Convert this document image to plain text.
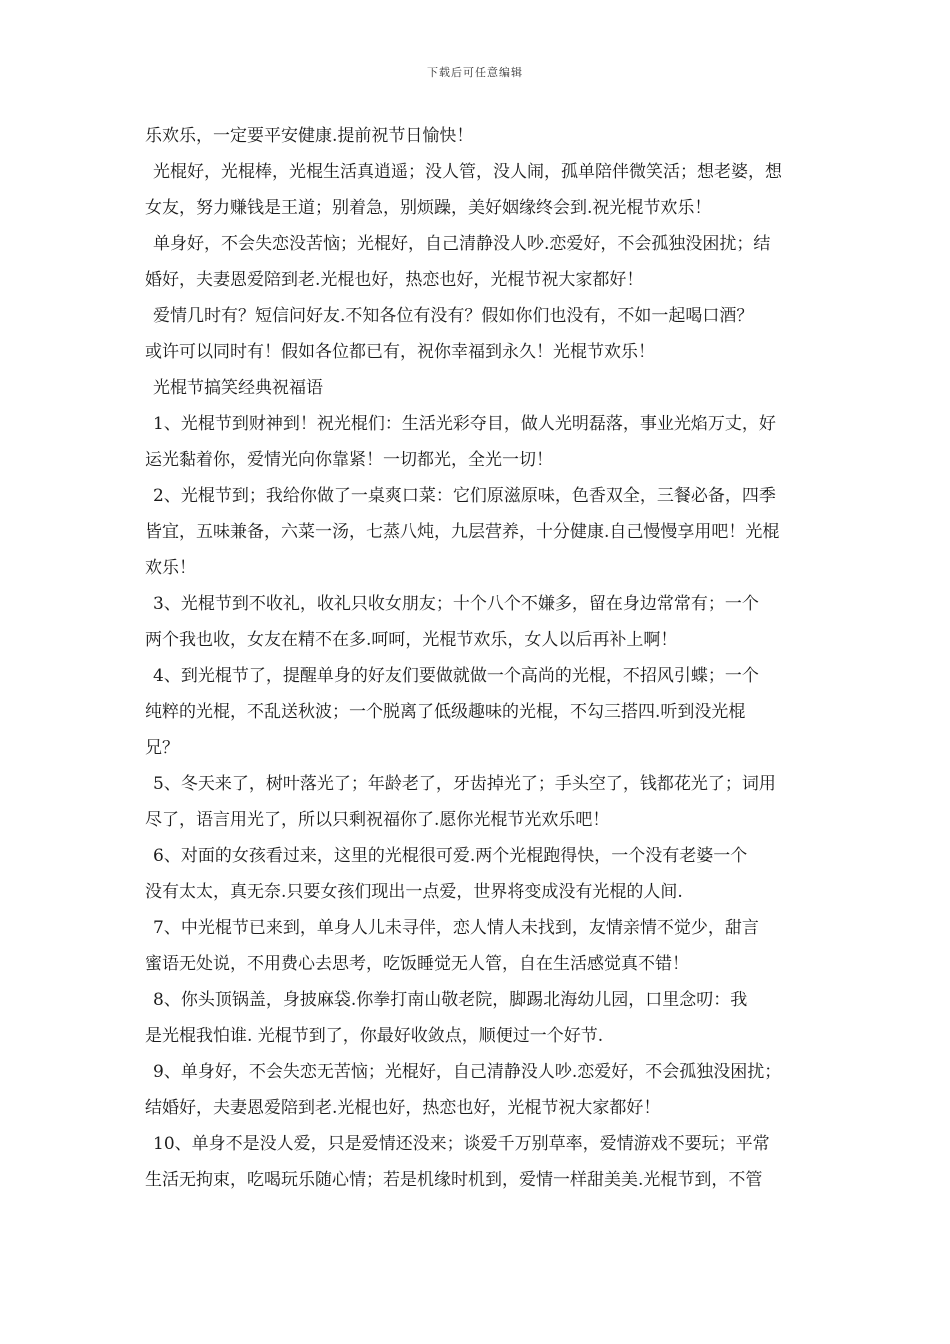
下载后可任意编辑
乐欢乐，一定要平安健康.提前祝节日愉快！
光棍好，光棍棒，光棍生活真逍遥；没人管，没人闹，孤单陪伴微笑活；想老婆，想
女友，努力赚钱是王道；别着急，别烦躁，美好姻缘终会到.祝光棍节欢乐！
单身好，不会失恋没苦恼；光棍好，自己清静没人吵.恋爱好，不会孤独没困扰；结
婚好，夫妻恩爱陪到老.光棍也好，热恋也好，光棍节祝大家都好！
爱情几时有？短信问好友.不知各位有没有？假如你们也没有，不如一起喝口酒？
或许可以同时有！假如各位都已有，祝你幸福到永久！光棍节欢乐！
光棍节搞笑经典祝福语
1、光棍节到财神到！祝光棍们：生活光彩夺目，做人光明磊落，事业光焰万丈，好
运光黏着你，爱情光向你靠紧！一切都光，全光一切！
2、光棍节到；我给你做了一桌爽口菜：它们原滋原味，色香双全，三餐必备，四季
皆宜，五味兼备，六菜一汤，七蒸八炖，九层营养，十分健康.自己慢慢享用吧！光棍
欢乐！
3、光棍节到不收礼，收礼只收女朋友；十个八个不嫌多，留在身边常常有；一个
两个我也收，女友在精不在多.呵呵，光棍节欢乐，女人以后再补上啊！
4、到光棍节了，提醒单身的好友们要做就做一个高尚的光棍，不招风引蝶；一个
纯粹的光棍，不乱送秋波；一个脱离了低级趣味的光棍，不勾三搭四.听到没光棍
兄？
5、冬天来了，树叶落光了；年龄老了，牙齿掉光了；手头空了，钱都花光了；词用
尽了，语言用光了，所以只剩祝福你了.愿你光棍节光欢乐吧！
6、对面的女孩看过来，这里的光棍很可爱.两个光棍跑得快，一个没有老婆一个
没有太太，真无奈.只要女孩们现出一点爱，世界将变成没有光棍的人间.
7、中光棍节已来到，单身人儿未寻伴，恋人情人未找到，友情亲情不觉少，甜言
蜜语无处说，不用费心去思考，吃饭睡觉无人管，自在生活感觉真不错！
8、你头顶锅盖，身披麻袋.你拳打南山敬老院，脚踢北海幼儿园，口里念叨：我
是光棍我怕谁. 光棍节到了，你最好收敛点，顺便过一个好节.
9、单身好，不会失恋无苦恼；光棍好，自己清静没人吵.恋爱好，不会孤独没困扰；
结婚好，夫妻恩爱陪到老.光棍也好，热恋也好，光棍节祝大家都好！
10、单身不是没人爱，只是爱情还没来；谈爱千万别草率，爱情游戏不要玩；平常
生活无拘束，吃喝玩乐随心情；若是机缘时机到，爱情一样甜美美.光棍节到，不管
